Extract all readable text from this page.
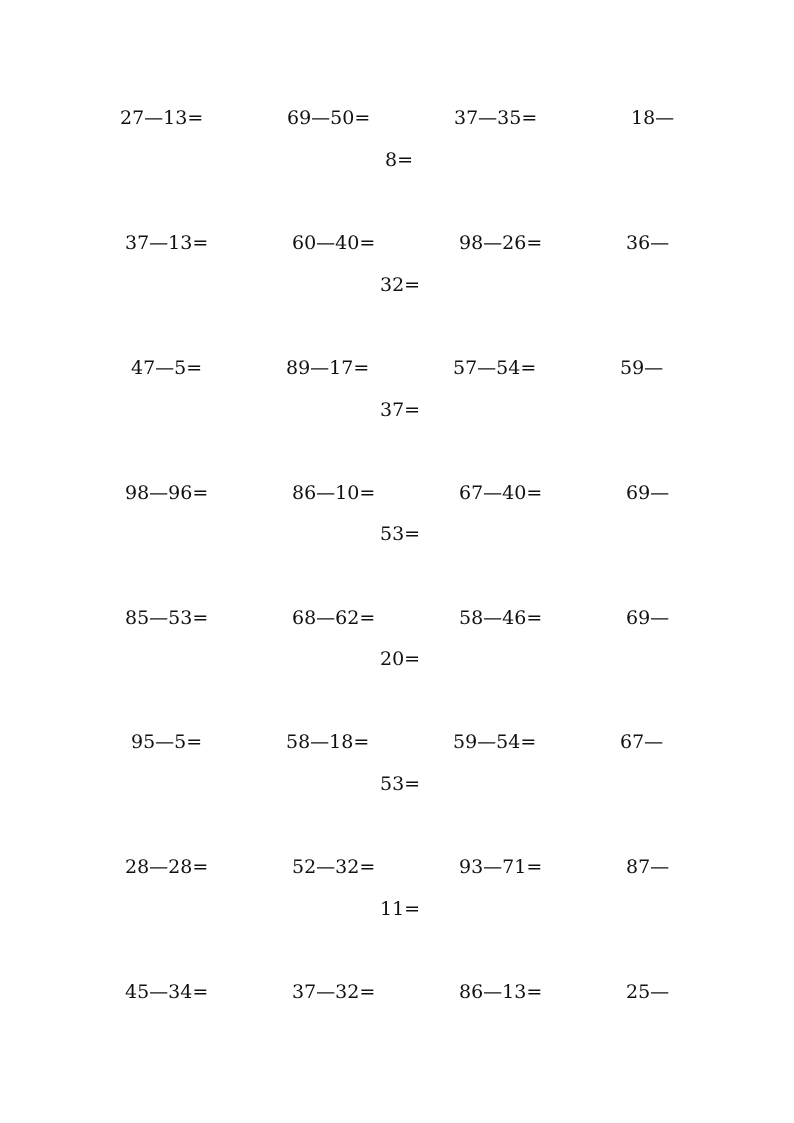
27—13=	69—50=	37—35=	18—
8=
37—13=	60—40=	98—26=	36—
32=
47—5=	89—17=	57—54=	59—
37=
98—96=	86—10=	67—40=	69—
53=
85—53=	68—62=	58—46=	69—
20=
95—5=	58—18=	59—54=	67—
53=
28—28=	52—32=	93—71=	87—
11=
45—34=	37—32=	86—13=	25—
